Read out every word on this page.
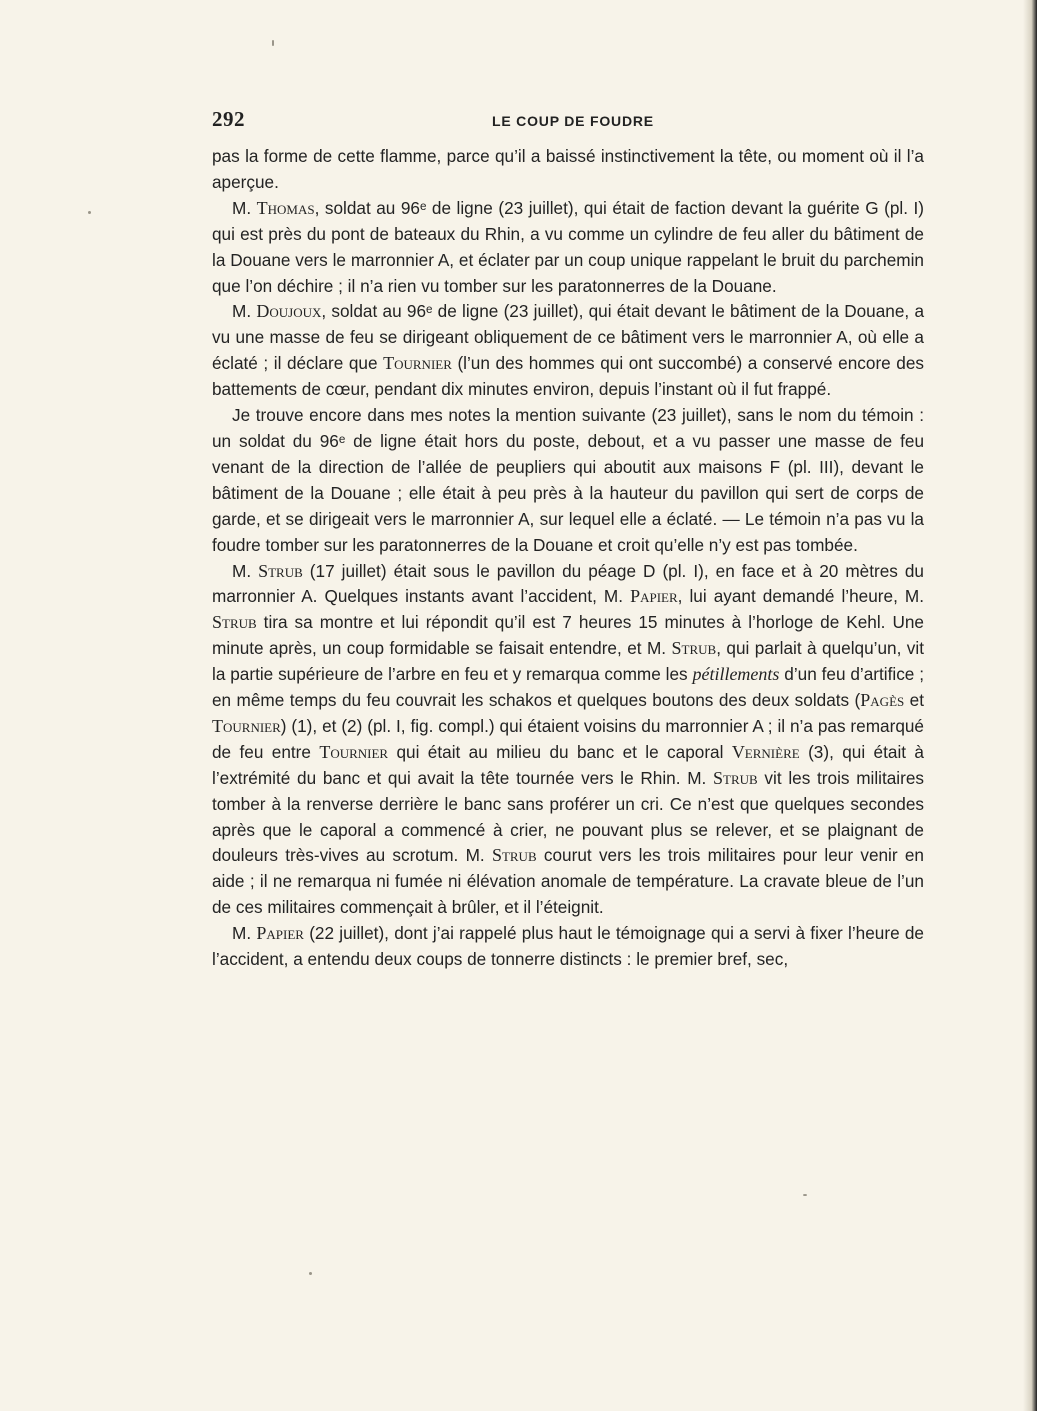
292	LE COUP DE FOUDRE

pas la forme de cette flamme, parce qu’il a baissé instinctivement la tête, ou moment où il l’a aperçue.

M. Thomas, soldat au 96ᵉ de ligne (23 juillet), qui était de faction devant la guérite G (pl. I) qui est près du pont de bateaux du Rhin, a vu comme un cylindre de feu aller du bâtiment de la Douane vers le marronnier A, et éclater par un coup unique rappelant le bruit du parchemin que l’on déchire ; il n’a rien vu tomber sur les paratonnerres de la Douane.

M. Doujoux, soldat au 96ᵉ de ligne (23 juillet), qui était devant le bâtiment de la Douane, a vu une masse de feu se dirigeant obliquement de ce bâtiment vers le marronnier A, où elle a éclaté ; il déclare que Tournier (l’un des hommes qui ont succombé) a conservé encore des battements de cœur, pendant dix minutes environ, depuis l’instant où il fut frappé.

Je trouve encore dans mes notes la mention suivante (23 juillet), sans le nom du témoin : un soldat du 96ᵉ de ligne était hors du poste, debout, et a vu passer une masse de feu venant de la direction de l’allée de peupliers qui aboutit aux maisons F (pl. III), devant le bâtiment de la Douane ; elle était à peu près à la hauteur du pavillon qui sert de corps de garde, et se dirigeait vers le marronnier A, sur lequel elle a éclaté. — Le témoin n’a pas vu la foudre tomber sur les paratonnerres de la Douane et croit qu’elle n’y est pas tombée.

M. Strub (17 juillet) était sous le pavillon du péage D (pl. I), en face et à 20 mètres du marronnier A. Quelques instants avant l’accident, M. Papier, lui ayant demandé l’heure, M. Strub tira sa montre et lui répondit qu’il est 7 heures 15 minutes à l’horloge de Kehl. Une minute après, un coup formidable se faisait entendre, et M. Strub, qui parlait à quelqu’un, vit la partie supérieure de l’arbre en feu et y remarqua comme les pétillements d’un feu d’artifice ; en même temps du feu couvrait les schakos et quelques boutons des deux soldats (Pagès et Tournier) (1), et (2) (pl. I, fig. compl.) qui étaient voisins du marronnier A ; il n’a pas remarqué de feu entre Tournier qui était au milieu du banc et le caporal Vernière (3), qui était à l’extrémité du banc et qui avait la tête tournée vers le Rhin. M. Strub vit les trois militaires tomber à la renverse derrière le banc sans proférer un cri. Ce n’est que quelques secondes après que le caporal a commencé à crier, ne pouvant plus se relever, et se plaignant de douleurs très-vives au scrotum. M. Strub courut vers les trois militaires pour leur venir en aide ; il ne remarqua ni fumée ni élévation anomale de température. La cravate bleue de l’un de ces militaires commençait à brûler, et il l’éteignit.

M. Papier (22 juillet), dont j’ai rappelé plus haut le témoignage qui a servi à fixer l’heure de l’accident, a entendu deux coups de tonnerre distincts : le premier bref, sec,
